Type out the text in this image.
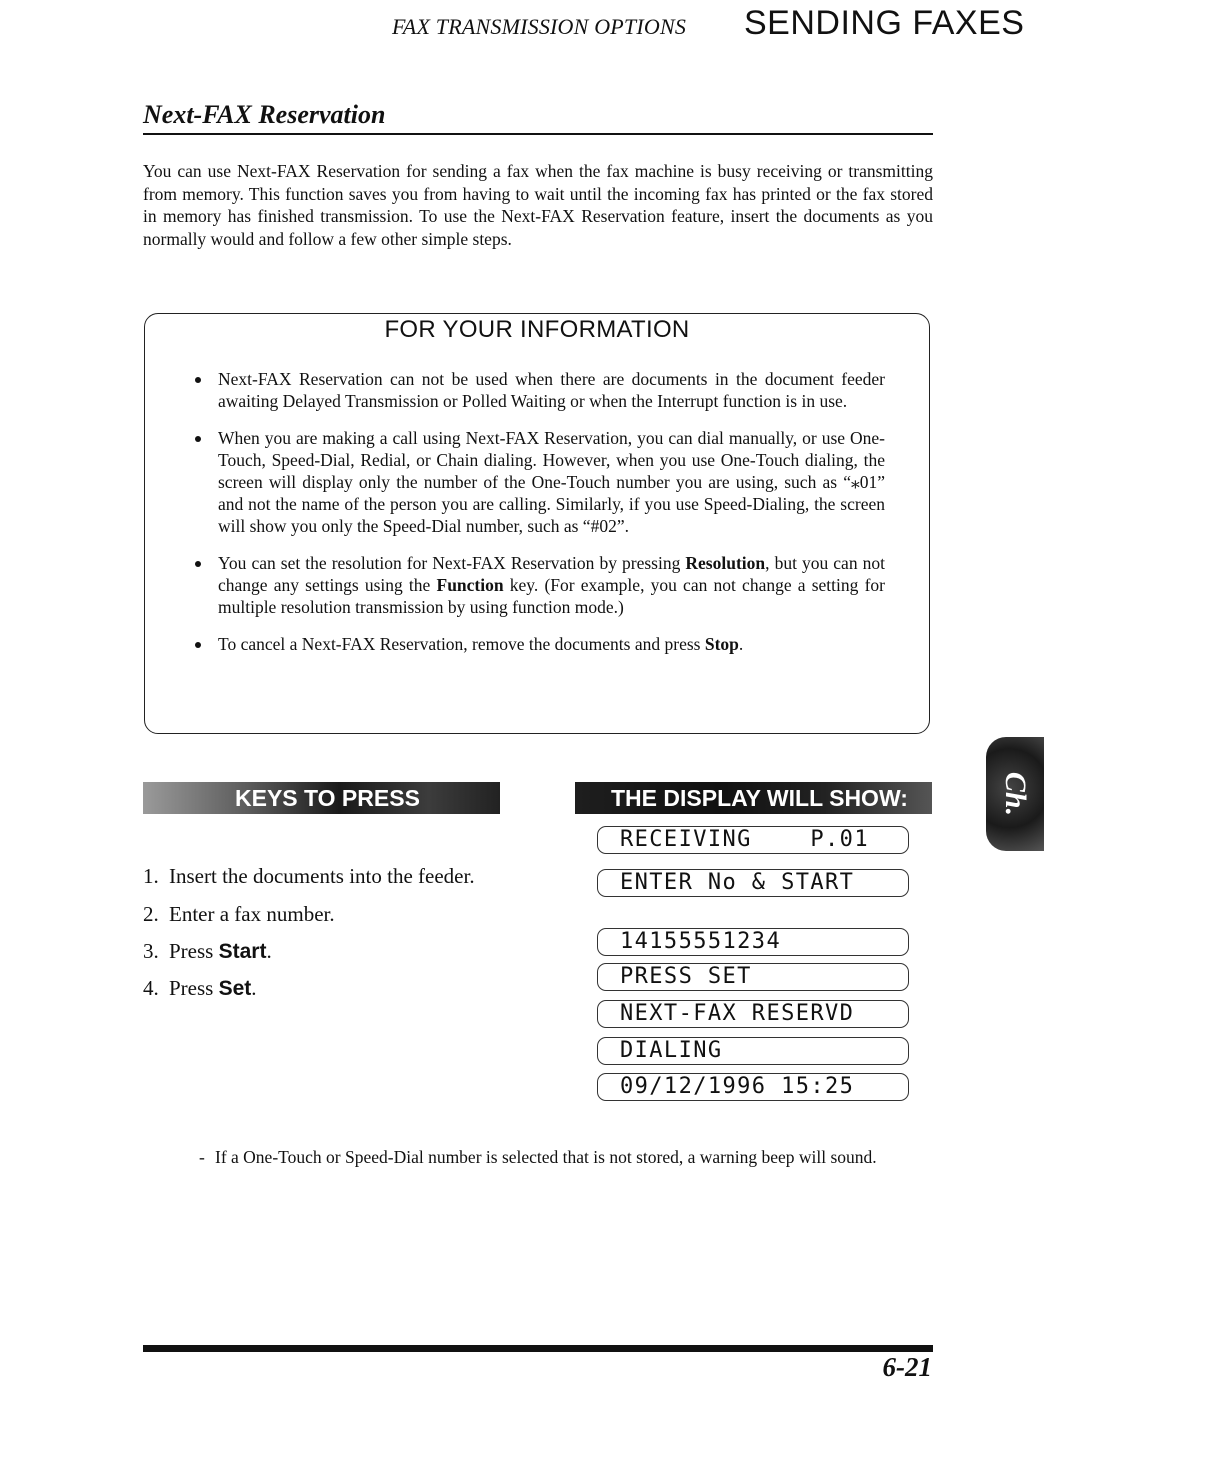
FAX TRANSMISSION OPTIONS SENDING FAXES
Next-FAX Reservation
You can use Next-FAX Reservation for sending a fax when the fax machine is busy receiving or transmitting from memory. This function saves you from having to wait until the incoming fax has printed or the fax stored in memory has finished transmission. To use the Next-FAX Reservation feature, insert the documents as you normally would and follow a few other simple steps.
FOR YOUR INFORMATION
Next-FAX Reservation can not be used when there are documents in the document feeder awaiting Delayed Transmission or Polled Waiting or when the Interrupt function is in use.
When you are making a call using Next-FAX Reservation, you can dial manually, or use One-Touch, Speed-Dial, Redial, or Chain dialing. However, when you use One-Touch dialing, the screen will display only the number of the One-Touch number you are using, such as “⁎01” and not the name of the person you are calling. Similarly, if you use Speed-Dialing, the screen will show you only the Speed-Dial number, such as “#02”.
You can set the resolution for Next-FAX Reservation by pressing Resolution, but you can not change any settings using the Function key. (For example, you can not change a setting for multiple resolution transmission by using function mode.)
To cancel a Next-FAX Reservation, remove the documents and press Stop.
KEYS TO PRESS	THE DISPLAY WILL SHOW:
1. Insert the documents into the feeder.
2. Enter a fax number.
3. Press Start.
4. Press Set.
RECEIVING    P.01
ENTER No & START
14155551234
PRESS SET
NEXT-FAX RESERVD
DIALING
09/12/1996 15:25
- If a One-Touch or Speed-Dial number is selected that is not stored, a warning beep will sound.
Ch. 6
6-21
